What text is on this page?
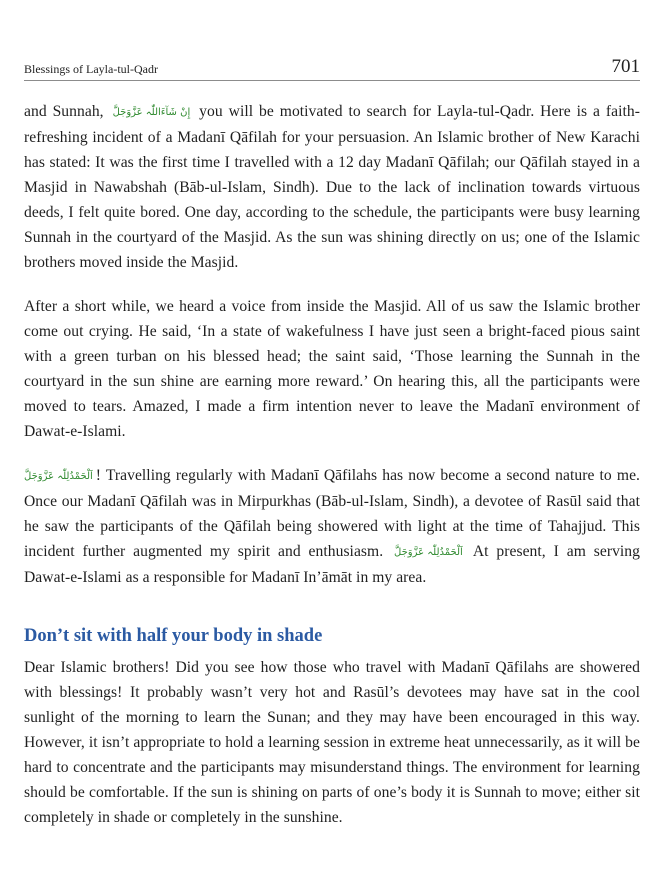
Blessings of Layla-tul-Qadr	701

and Sunnah, إِنْ شَآءَاللّٰہ عَزَّوَجَلَّ you will be motivated to search for Layla-tul-Qadr. Here is a faith-refreshing incident of a Madanī Qāfilah for your persuasion. An Islamic brother of New Karachi has stated: It was the first time I travelled with a 12 day Madanī Qāfilah; our Qāfilah stayed in a Masjid in Nawabshah (Bāb-ul-Islam, Sindh). Due to the lack of inclination towards virtuous deeds, I felt quite bored. One day, according to the schedule, the participants were busy learning Sunnah in the courtyard of the Masjid. As the sun was shining directly on us; one of the Islamic brothers moved inside the Masjid.

After a short while, we heard a voice from inside the Masjid. All of us saw the Islamic brother come out crying. He said, ‘In a state of wakefulness I have just seen a bright-faced pious saint with a green turban on his blessed head; the saint said, ‘Those learning the Sunnah in the courtyard in the sun shine are earning more reward.’ On hearing this, all the participants were moved to tears. Amazed, I made a firm intention never to leave the Madanī environment of Dawat-e-Islami.

اَلْحَمْدُلِلّٰہ عَزَّوَجَلَّ ! Travelling regularly with Madanī Qāfilahs has now become a second nature to me. Once our Madanī Qāfilah was in Mirpurkhas (Bāb-ul-Islam, Sindh), a devotee of Rasūl said that he saw the participants of the Qāfilah being showered with light at the time of Tahajjud. This incident further augmented my spirit and enthusiasm. اَلْحَمْدُلِلّٰہ عَزَّوَجَلَّ At present, I am serving Dawat-e-Islami as a responsible for Madanī In’āmāt in my area.

Don’t sit with half your body in shade

Dear Islamic brothers! Did you see how those who travel with Madanī Qāfilahs are showered with blessings! It probably wasn’t very hot and Rasūl’s devotees may have sat in the cool sunlight of the morning to learn the Sunan; and they may have been encouraged in this way. However, it isn’t appropriate to hold a learning session in extreme heat unnecessarily, as it will be hard to concentrate and the participants may misunderstand things. The environment for learning should be comfortable. If the sun is shining on parts of one’s body it is Sunnah to move; either sit completely in shade or completely in the sunshine.
